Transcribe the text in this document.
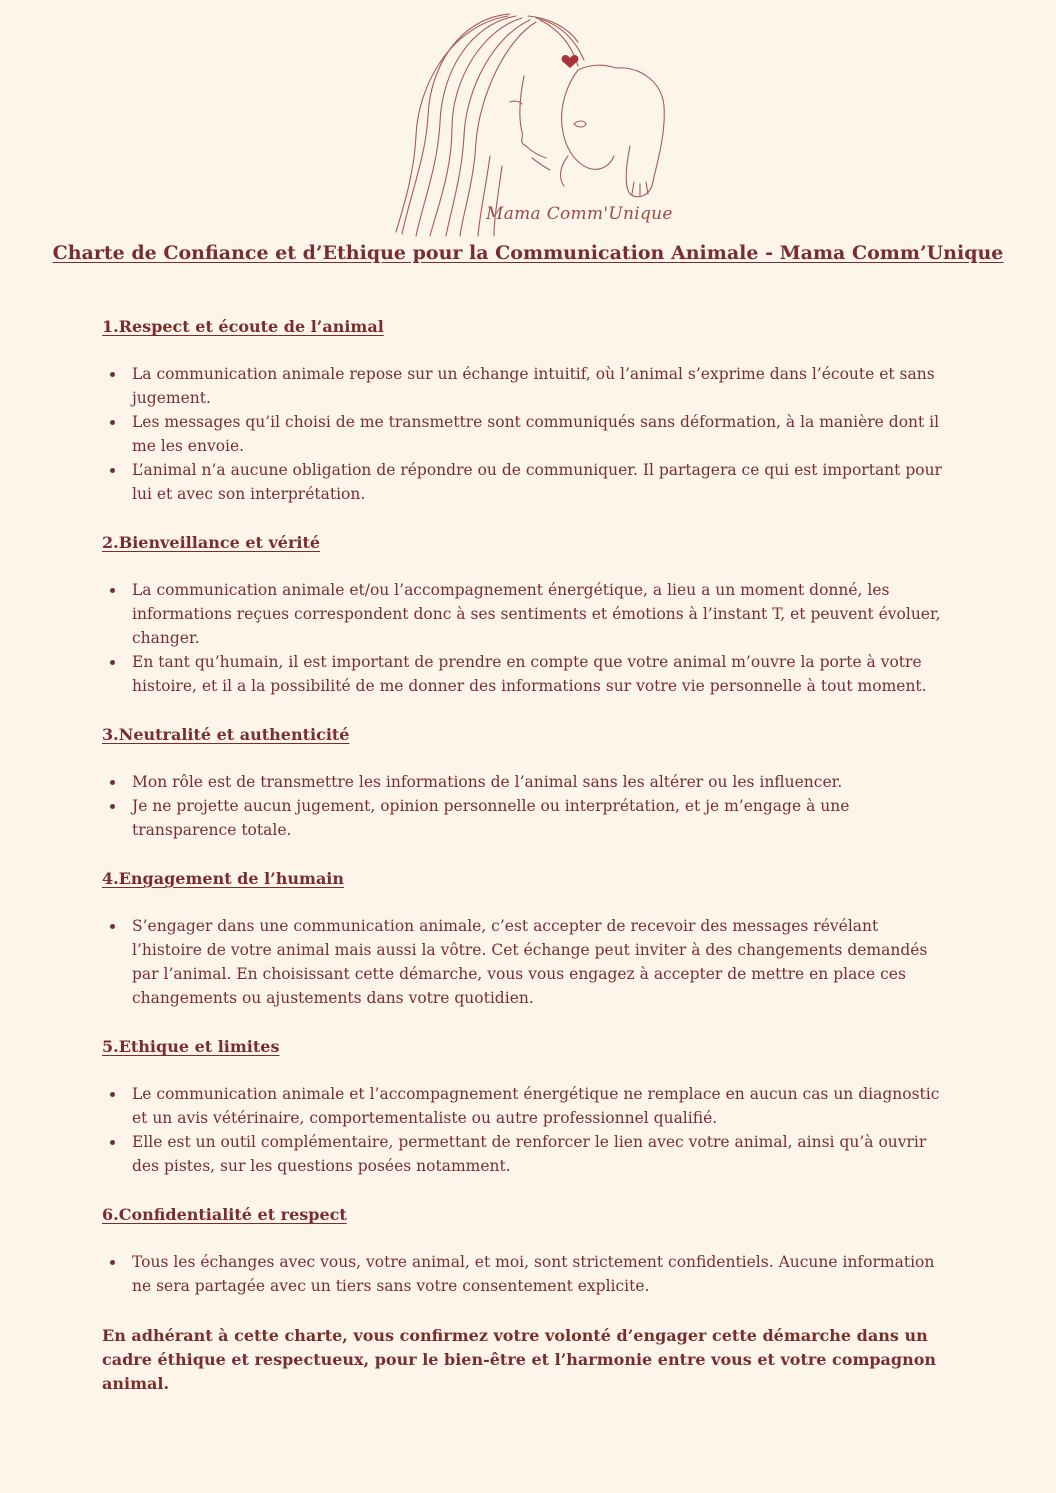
Mama Comm'Unique
Charte de Confiance et d’Ethique pour la Communication Animale - Mama Comm’Unique
1.Respect et écoute de l’animal
La communication animale repose sur un échange intuitif, où l’animal s’exprime dans l’écoute et sans jugement.
Les messages qu’il choisi de me transmettre sont communiqués sans déformation, à la manière dont il me les envoie.
L’animal n’a aucune obligation de répondre ou de communiquer. Il partagera ce qui est important pour lui et avec son interprétation.
2.Bienveillance et vérité
La communication animale et/ou l’accompagnement énergétique, a lieu a un moment donné, les informations reçues correspondent donc à ses sentiments et émotions à l’instant T, et peuvent évoluer, changer.
En tant qu’humain, il est important de prendre en compte que votre animal m’ouvre la porte à votre histoire, et il a la possibilité de me donner des informations sur votre vie personnelle à tout moment.
3.Neutralité et authenticité
Mon rôle est de transmettre les informations de l’animal sans les altérer ou les influencer.
Je ne projette aucun jugement, opinion personnelle ou interprétation, et je m’engage à une transparence totale.
4.Engagement de l’humain
S’engager dans une communication animale, c’est accepter de recevoir des messages révélant l’histoire de votre animal mais aussi la vôtre. Cet échange peut inviter à des changements demandés par l’animal. En choisissant cette démarche, vous vous engagez à accepter de mettre en place ces changements ou ajustements dans votre quotidien.
5.Ethique et limites
Le communication animale et l’accompagnement énergétique ne remplace en aucun cas un diagnostic et un avis vétérinaire, comportementaliste ou autre professionnel qualifié.
Elle est un outil complémentaire, permettant de renforcer le lien avec votre animal, ainsi qu’à ouvrir des pistes, sur les questions posées notamment.
6.Confidentialité et respect
Tous les échanges avec vous, votre animal, et moi, sont strictement confidentiels. Aucune information ne sera partagée avec un tiers sans votre consentement explicite.

En adhérant à cette charte, vous confirmez votre volonté d’engager cette démarche dans un cadre éthique et respectueux, pour le bien-être et l’harmonie entre vous et votre compagnon animal.
